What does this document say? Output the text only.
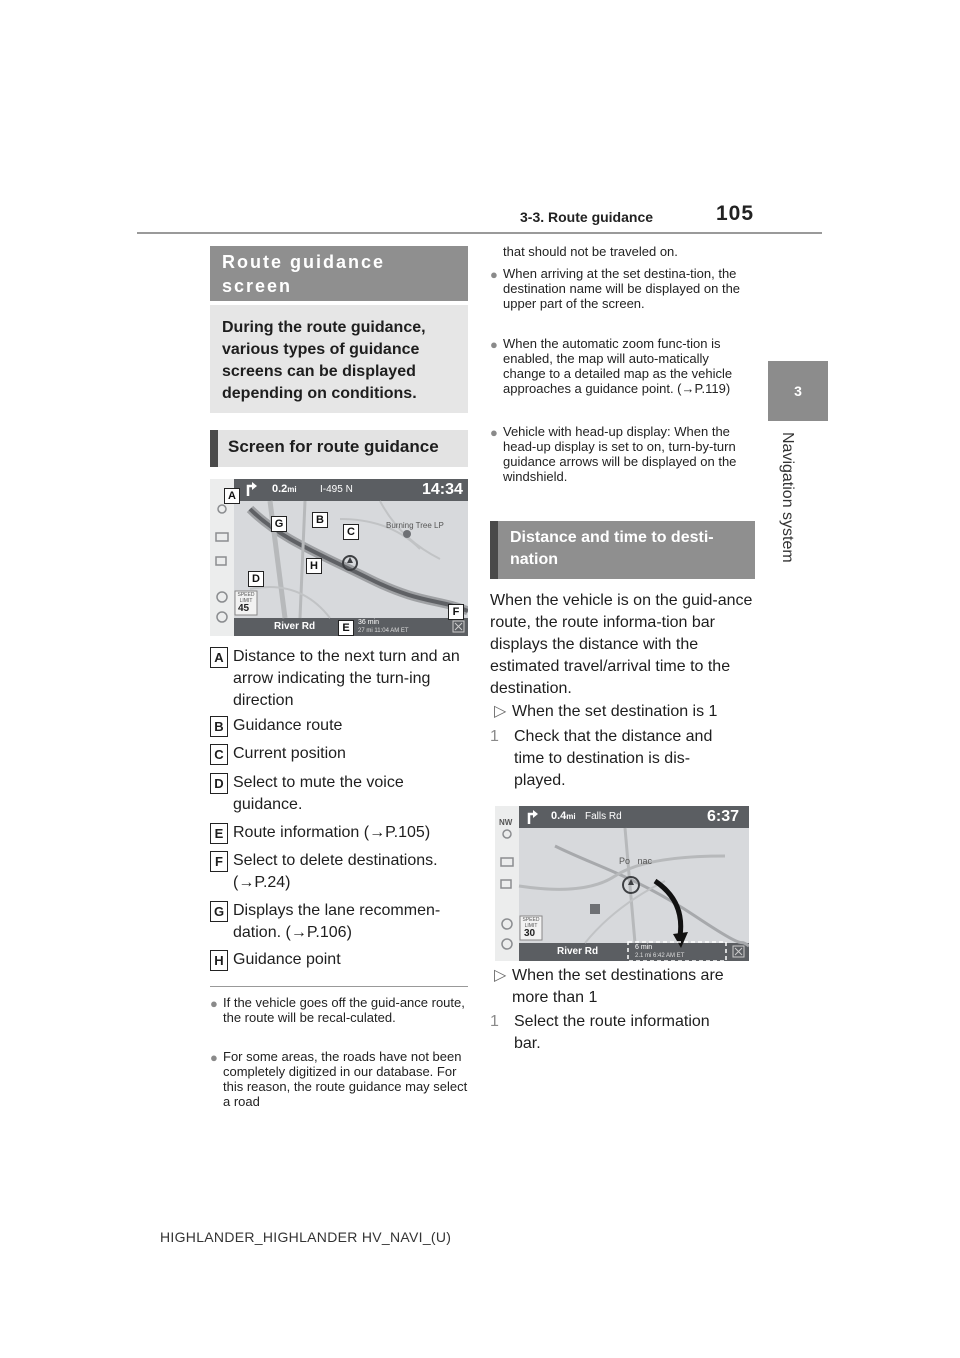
3-3. Route guidance	105
3
Navigation system
Route guidance screen
During the route guidance, various types of guidance screens can be displayed depending on conditions.
Screen for route guidance
0.2mi I-495 N	14:34
Burning Tree LP
SPEED LIMIT
45
River Rd	36 min
27 mi 11:04 AM ET
A
B
C
D
E
F
G
H
A Distance to the next turn and an arrow indicating the turn-ing direction
B Guidance route
C Current position
D Select to mute the voice guidance.
E Route information (→P.105)
F Select to delete destinations. (→P.24)
G Displays the lane recommen-dation. (→P.106)
H Guidance point
● If the vehicle goes off the guid-ance route, the route will be recal-culated.
● For some areas, the roads have not been completely digitized in our database. For this reason, the route guidance may select a road
that should not be traveled on.
● When arriving at the set destina-tion, the destination name will be displayed on the upper part of the screen.
● When the automatic zoom func-tion is enabled, the map will auto-matically change to a detailed map as the vehicle approaches a guidance point. (→P.119)
● Vehicle with head-up display: When the head-up display is set to on, turn-by-turn guidance arrows will be displayed on the windshield.
Distance and time to desti-nation
When the vehicle is on the guid-ance route, the route informa-tion bar displays the distance with the estimated travel/arrival time to the destination.
▷ When the set destination is 1
1 Check that the distance and time to destination is dis-played.
NW
0.4mi Falls Rd	6:37
Po   nac
SPEED LIMIT
30
River Rd	6 min
2.1 mi 6:42 AM ET
▷ When the set destinations are more than 1
1 Select the route information bar.
HIGHLANDER_HIGHLANDER HV_NAVI_(U)
